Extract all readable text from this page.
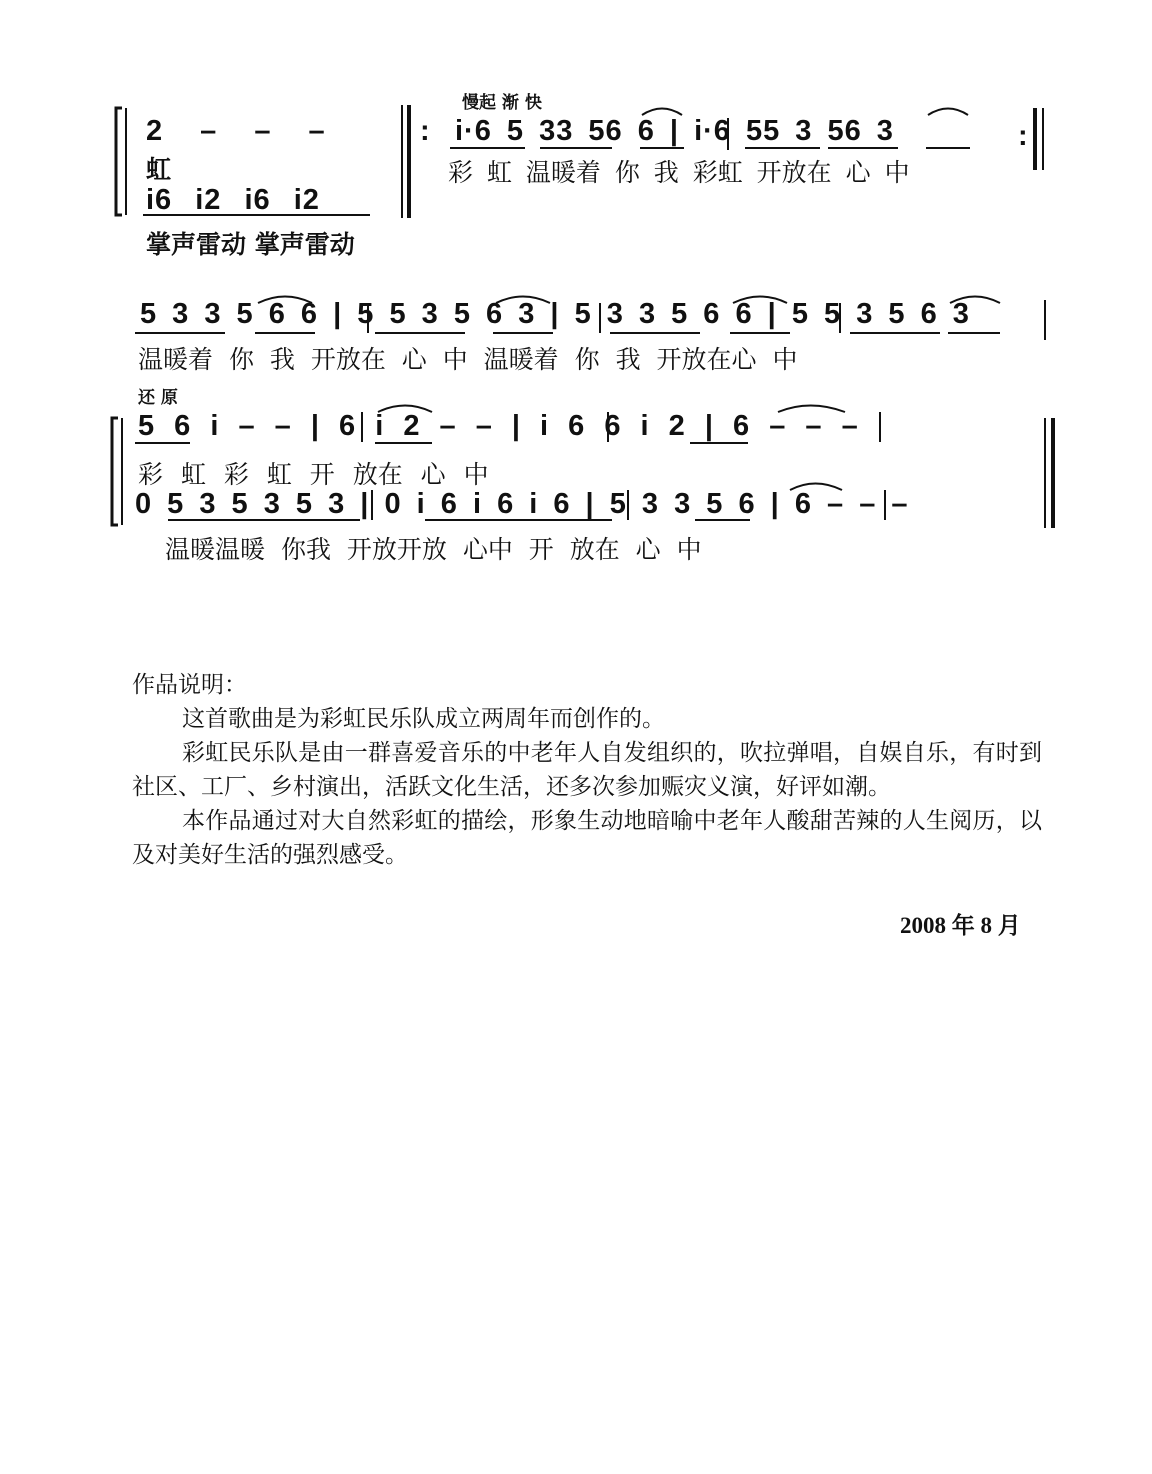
慢起 渐 快
2 – – –
虹
i6 i2 i6 i2
掌声雷动 掌声雷动
: i·6 5 33 56 6 | i·6 55 3 56 3
彩 虹 温暖着 你 我 彩虹 开放在 心 中
:
5 3 3 5 6 6 | 5 5 3 5 6 3 | 5 3 3 5 6 6 | 5 5 3 5 6 3
温暖着 你 我 开放在 心 中 温暖着 你 我 开放在心 中
还 原
5 6 i – – | 6 i 2 – – | i 6 6 i 2 | 6 – – –
彩 虹 彩 虹 开 放在 心 中
0 5 3 5 3 5 3 | 0 i 6 i 6 i 6 | 5 3 3 5 6 | 6 – – –
温暖温暖 你我 开放开放 心中 开 放在 心 中
作品说明：

这首歌曲是为彩虹民乐队成立两周年而创作的。

彩虹民乐队是由一群喜爱音乐的中老年人自发组织的，吹拉弹唱，自娱自乐，有时到社区、工厂、乡村演出，活跃文化生活，还多次参加赈灾义演，好评如潮。

本作品通过对大自然彩虹的描绘，形象生动地暗喻中老年人酸甜苦辣的人生阅历，以及对美好生活的强烈感受。

2008 年 8 月
